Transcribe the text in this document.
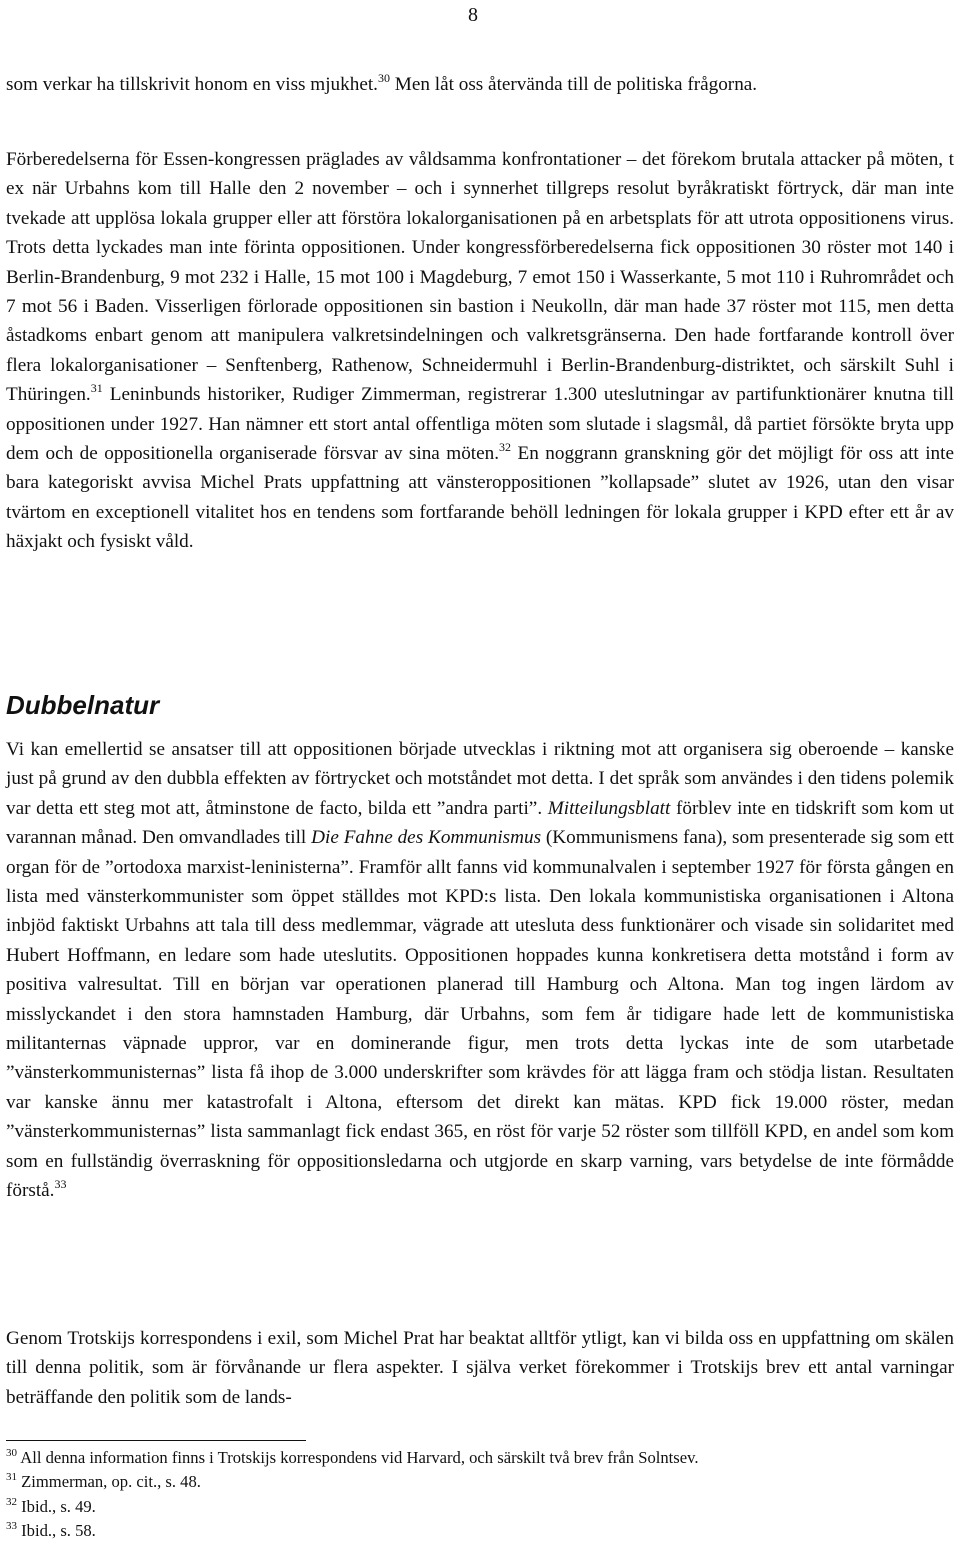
8

som verkar ha tillskrivit honom en viss mjukhet.$^{30}$ Men låt oss återvända till de politiska frågorna.

Förberedelserna för Essen-kongressen präglades av våldsamma konfrontationer – det förekom brutala attacker på möten, t ex när Urbahns kom till Halle den 2 november – och i synnerhet tillgreps resolut byråkratiskt förtryck, där man inte tvekade att upplösa lokala grupper eller att förstöra lokalorganisationen på en arbetsplats för att utrota oppositionens virus. Trots detta lyckades man inte förinta oppositionen. Under kongressförberedelserna fick oppositionen 30 röster mot 140 i Berlin-Brandenburg, 9 mot 232 i Halle, 15 mot 100 i Magdeburg, 7 emot 150 i Wasserkante, 5 mot 110 i Ruhrområdet och 7 mot 56 i Baden. Visserligen förlorade oppositionen sin bastion i Neukolln, där man hade 37 röster mot 115, men detta åstadkoms enbart genom att manipulera valkretsindelningen och valkretsgränserna. Den hade fortfarande kontroll över flera lokalorganisationer – Senftenberg, Rathenow, Schneidermuhl i Berlin-Brandenburg-distriktet, och särskilt Suhl i Thüringen.$^{31}$ Leninbunds historiker, Rudiger Zimmerman, registrerar 1.300 uteslutningar av partifunktionärer knutna till oppositionen under 1927. Han nämner ett stort antal offentliga möten som slutade i slagsmål, då partiet försökte bryta upp dem och de oppositionella organiserade försvar av sina möten.$^{32}$ En noggrann granskning gör det möjligt för oss att inte bara kategoriskt avvisa Michel Prats uppfattning att vänsteroppositionen ”kollapsade” slutet av 1926, utan den visar tvärtom en exceptionell vitalitet hos en tendens som fortfarande behöll ledningen för lokala grupper i KPD efter ett år av häxjakt och fysiskt våld.

Dubbelnatur

Vi kan emellertid se ansatser till att oppositionen började utvecklas i riktning mot att organisera sig oberoende – kanske just på grund av den dubbla effekten av förtrycket och motståndet mot detta. I det språk som användes i den tidens polemik var detta ett steg mot att, åtminstone de facto, bilda ett ”andra parti”. Mitteilungsblatt förblev inte en tidskrift som kom ut varannan månad. Den omvandlades till Die Fahne des Kommunismus (Kommunismens fana), som presenterade sig som ett organ för de ”ortodoxa marxist-leninisterna”. Framför allt fanns vid kommunalvalen i september 1927 för första gången en lista med vänsterkommunister som öppet ställdes mot KPD:s lista. Den lokala kommunistiska organisationen i Altona inbjöd faktiskt Urbahns att tala till dess medlemmar, vägrade att utesluta dess funktionärer och visade sin solidaritet med Hubert Hoffmann, en ledare som hade uteslutits. Oppositionen hoppades kunna konkretisera detta motstånd i form av positiva valresultat. Till en början var operationen planerad till Hamburg och Altona. Man tog ingen lärdom av misslyckandet i den stora hamnstaden Hamburg, där Urbahns, som fem år tidigare hade lett de kommunistiska militanternas väpnade uppror, var en dominerande figur, men trots detta lyckas inte de som utarbetade ”vänsterkommunisternas” lista få ihop de 3.000 underskrifter som krävdes för att lägga fram och stödja listan. Resultaten var kanske ännu mer katastrofalt i Altona, eftersom det direkt kan mätas. KPD fick 19.000 röster, medan ”vänsterkommunisternas” lista sammanlagt fick endast 365, en röst för varje 52 röster som tillföll KPD, en andel som kom som en fullständig överraskning för oppositionsledarna och utgjorde en skarp varning, vars betydelse de inte förmådde förstå.$^{33}$

Genom Trotskijs korrespondens i exil, som Michel Prat har beaktat alltför ytligt, kan vi bilda oss en uppfattning om skälen till denna politik, som är förvånande ur flera aspekter. I själva verket förekommer i Trotskijs brev ett antal varningar beträffande den politik som de lands-

$^{30}$ All denna information finns i Trotskijs korrespondens vid Harvard, och särskilt två brev från Solntsev.
$^{31}$ Zimmerman, op. cit., s. 48.
$^{32}$ Ibid., s. 49.
$^{33}$ Ibid., s. 58.
